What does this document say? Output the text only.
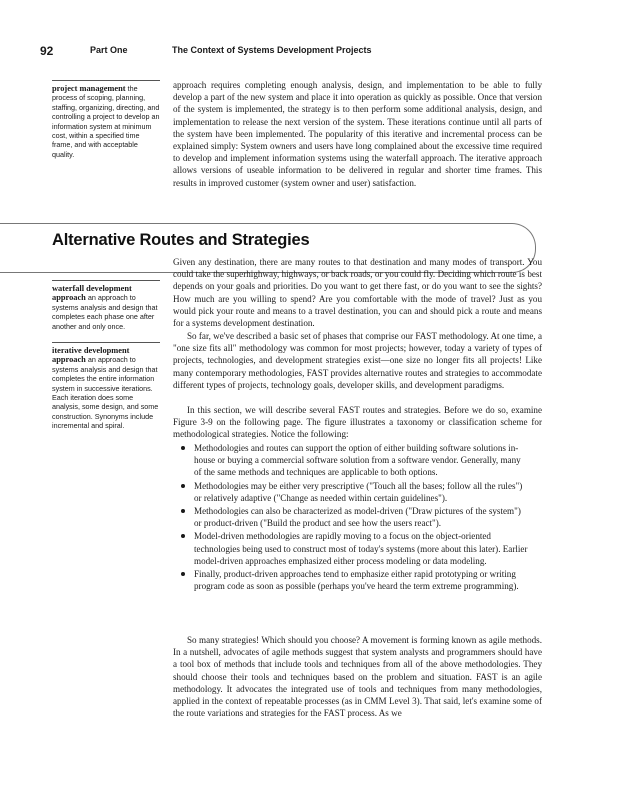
92	Part One	The Context of Systems Development Projects
project management the process of scoping, planning, staffing, organizing, directing, and controlling a project to develop an information system at minimum cost, within a specified time frame, and with acceptable quality.

approach requires completing enough analysis, design, and implementation to be able to fully develop a part of the new system and place it into operation as quickly as possible. Once that version of the system is implemented, the strategy is to then perform some additional analysis, design, and implementation to release the next version of the system. These iterations continue until all parts of the system have been implemented. The popularity of this iterative and incremental process can be explained simply: System owners and users have long complained about the excessive time required to develop and implement information systems using the waterfall approach. The iterative approach allows versions of useable information to be delivered in regular and shorter time frames. This results in improved customer (system owner and user) satisfaction.

Alternative Routes and Strategies
waterfall development approach an approach to systems analysis and design that completes each phase one after another and only once.
iterative development approach an approach to systems analysis and design that completes the entire information system in successive iterations. Each iteration does some analysis, some design, and some construction. Synonyms include incremental and spiral.

Given any destination, there are many routes to that destination and many modes of transport. You could take the superhighway, highways, or back roads, or you could fly. Deciding which route is best depends on your goals and priorities. Do you want to get there fast, or do you want to see the sights? How much are you willing to spend? Are you comfortable with the mode of travel? Just as you would pick your route and means to a travel destination, you can and should pick a route and means for a systems development destination.

So far, we've described a basic set of phases that comprise our FAST methodology. At one time, a "one size fits all" methodology was common for most projects; however, today a variety of types of projects, technologies, and development strategies exist—one size no longer fits all projects! Like many contemporary methodologies, FAST provides alternative routes and strategies to accommodate different types of projects, technology goals, developer skills, and development paradigms.

In this section, we will describe several FAST routes and strategies. Before we do so, examine Figure 3-9 on the following page. The figure illustrates a taxonomy or classification scheme for methodological strategies. Notice the following:

Methodologies and routes can support the option of either building software solutions in-house or buying a commercial software solution from a software vendor. Generally, many of the same methods and techniques are applicable to both options.
Methodologies may be either very prescriptive ("Touch all the bases; follow all the rules") or relatively adaptive ("Change as needed within certain guidelines").
Methodologies can also be characterized as model-driven ("Draw pictures of the system") or product-driven ("Build the product and see how the users react").
Model-driven methodologies are rapidly moving to a focus on the object-oriented technologies being used to construct most of today's systems (more about this later). Earlier model-driven approaches emphasized either process modeling or data modeling.
Finally, product-driven approaches tend to emphasize either rapid prototyping or writing program code as soon as possible (perhaps you've heard the term extreme programming).

So many strategies! Which should you choose? A movement is forming known as agile methods. In a nutshell, advocates of agile methods suggest that system analysts and programmers should have a tool box of methods that include tools and techniques from all of the above methodologies. They should choose their tools and techniques based on the problem and situation. FAST is an agile methodology. It advocates the integrated use of tools and techniques from many methodologies, applied in the context of repeatable processes (as in CMM Level 3). That said, let's examine some of the route variations and strategies for the FAST process. As we
